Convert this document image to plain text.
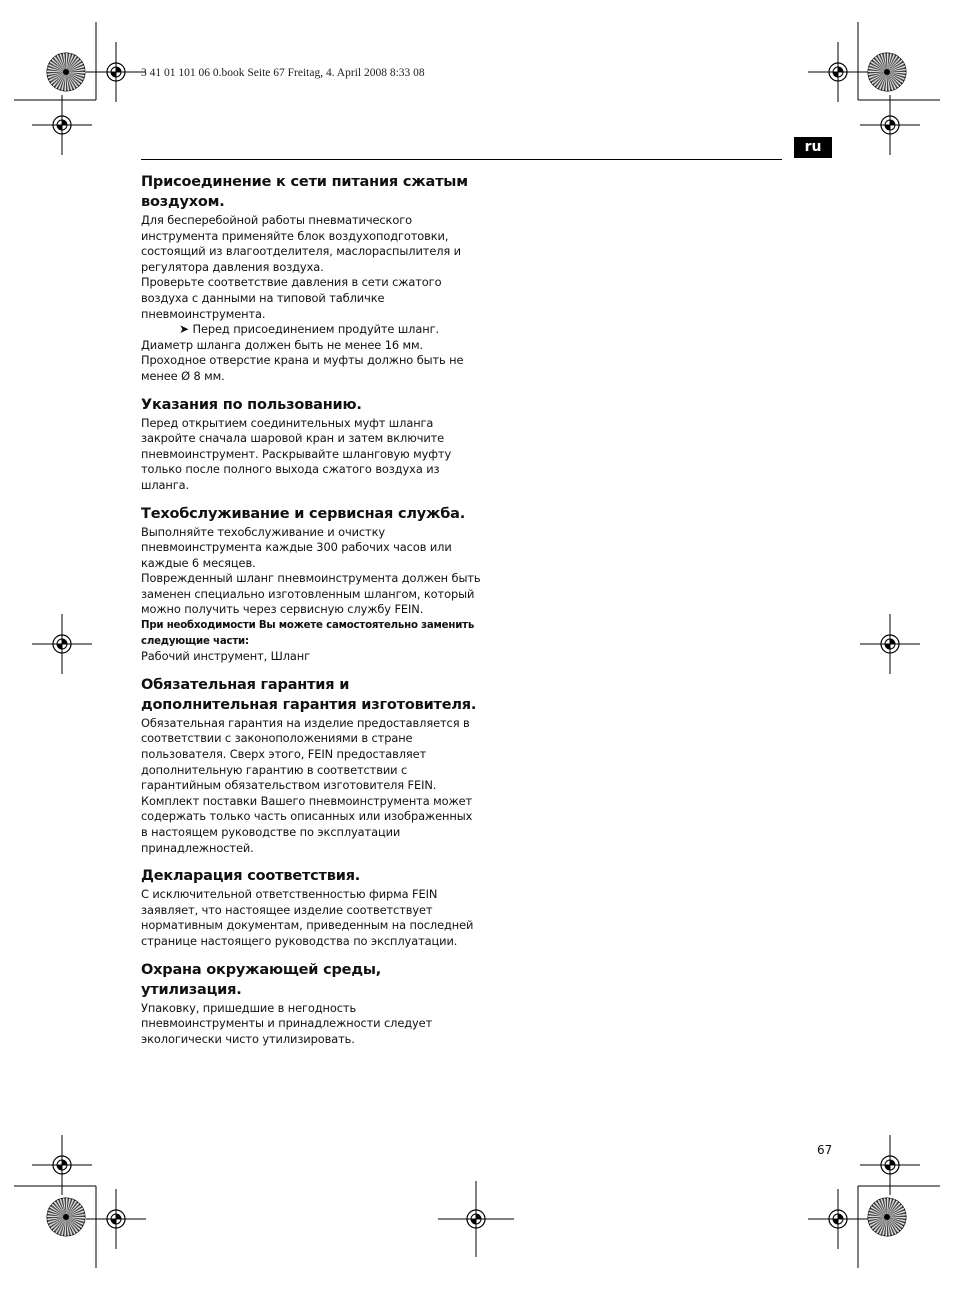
3 41 01 101 06 0.book Seite 67 Freitag, 4. April 2008 8:33 08
ru

Присоединение к сети питания сжатым воздухом.

Для бесперебойной работы пневматического инструмента применяйте блок воздухоподготовки, состоящий из влагоотделителя, маслораспылителя и регулятора давления воздуха.

Проверьте соответствие давления в сети сжатого воздуха с данными на типовой табличке пневмоинструмента.

➤ Перед присоединением продуйте шланг.

Диаметр шланга должен быть не менее 16 мм.

Проходное отверстие крана и муфты должно быть не менее Ø 8 мм.

Указания по пользованию.

Перед открытием соединительных муфт шланга закройте сначала шаровой кран и затем включите пневмоинструмент. Раскрывайте шланговую муфту только после полного выхода сжатого воздуха из шланга.

Техобслуживание и сервисная служба.

Выполняйте техобслуживание и очистку пневмоинструмента каждые 300 рабочих часов или каждые 6 месяцев.

Поврежденный шланг пневмоинструмента должен быть заменен специально изготовленным шлангом, который можно получить через сервисную службу FEIN.

При необходимости Вы можете самостоятельно заменить следующие части:

Рабочий инструмент, Шланг

Обязательная гарантия и дополнительная гарантия изготовителя.

Обязательная гарантия на изделие предоставляется в соответствии с законоположениями в стране пользователя. Сверх этого, FEIN предоставляет дополнительную гарантию в соответствии с гарантийным обязательством изготовителя FEIN.

Комплект поставки Вашего пневмоинструмента может содержать только часть описанных или изображенных в настоящем руководстве по эксплуатации принадлежностей.

Декларация соответствия.

С исключительной ответственностью фирма FEIN заявляет, что настоящее изделие соответствует нормативным документам, приведенным на последней странице настоящего руководства по эксплуатации.

Охрана окружающей среды, утилизация.

Упаковку, пришедшие в негодность пневмоинструменты и принадлежности следует экологически чисто утилизировать.

67
